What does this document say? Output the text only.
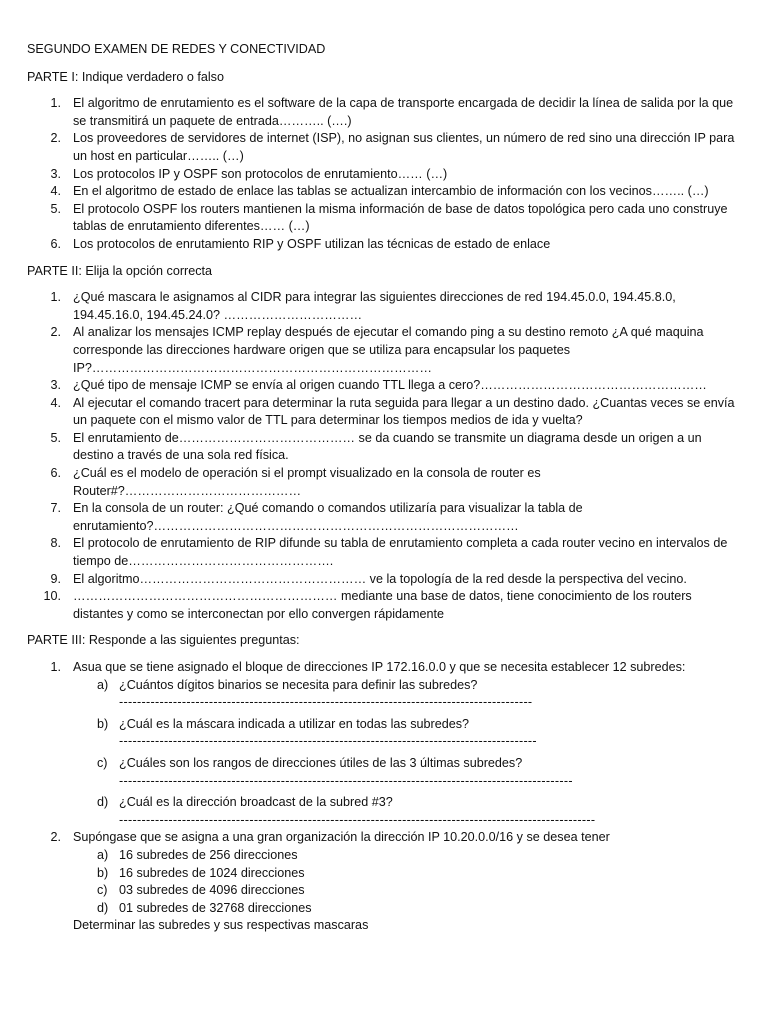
SEGUNDO EXAMEN DE REDES Y CONECTIVIDAD
PARTE I: Indique verdadero o falso
1. El algoritmo de enrutamiento es el software de la capa de transporte encargada de decidir la línea de salida por la que se transmitirá un paquete de entrada……….. (….)
2. Los proveedores de servidores de internet (ISP), no asignan sus clientes, un número de red sino una dirección IP para un host en particular…….. (…)
3. Los protocolos IP y OSPF son protocolos de enrutamiento…… (…)
4. En el algoritmo de estado de enlace las tablas se actualizan intercambio de información con los vecinos…….. (…)
5. El protocolo OSPF los routers mantienen la misma información de base de datos topológica pero cada uno construye tablas de enrutamiento diferentes…… (…)
6. Los protocolos de enrutamiento RIP y OSPF utilizan las técnicas de estado de enlace
PARTE II: Elija la opción correcta
1. ¿Qué mascara le asignamos al CIDR para integrar las siguientes direcciones de red 194.45.0.0, 194.45.8.0, 194.45.16.0, 194.45.24.0? ……………………………
2. Al analizar los mensajes ICMP replay después de ejecutar el comando ping a su destino remoto ¿A qué maquina corresponde las direcciones hardware origen que se utiliza para encapsular los paquetes IP?………………………………………………………………………
3. ¿Qué tipo de mensaje ICMP se envía al origen cuando TTL llega a cero?………………………………………………
4. Al ejecutar el comando tracert para determinar la ruta seguida para llegar a un destino dado. ¿Cuantas veces se envía un paquete con el mismo valor de TTL para determinar los tiempos medios de ida y vuelta?
5. El enrutamiento de…………………………………… se da cuando se transmite un diagrama desde un origen a un destino a través de una sola red física.
6. ¿Cuál es el modelo de operación si el prompt visualizado en la consola de router es Router#?……………………………………
7. En la consola de un router: ¿Qué comando o comandos utilizaría para visualizar la tabla de enrutamiento?……………………………………………………………………………
8. El protocolo de enrutamiento de RIP difunde su tabla de enrutamiento completa a cada router vecino en intervalos de tiempo de………………………………………….
9. El algoritmo……………………………………………… ve la topología de la red desde la perspectiva del vecino.
10. ……………………………………………………… mediante una base de datos, tiene conocimiento de los routers distantes y como se interconectan por ello convergen rápidamente
PARTE III: Responde a las siguientes preguntas:
1. Asua que se tiene asignado el bloque de direcciones IP 172.16.0.0 y que se necesita establecer 12 subredes:
a) ¿Cuántos dígitos binarios se necesita para definir las subredes?
--------------------------------------------------------------------------------------------
b) ¿Cuál es la máscara indicada a utilizar en todas las subredes?
---------------------------------------------------------------------------------------------
c) ¿Cuáles son los rangos de direcciones útiles de las 3 últimas subredes?
-----------------------------------------------------------------------------------------------------
d) ¿Cuál es la dirección broadcast de la subred #3?
----------------------------------------------------------------------------------------------------------
2. Supóngase que se asigna a una gran organización la dirección IP 10.20.0.0/16 y se desea tener
a) 16 subredes de 256 direcciones
b) 16 subredes de 1024 direcciones
c) 03 subredes de 4096 direcciones
d) 01 subredes de 32768 direcciones
Determinar las subredes y sus respectivas mascaras
